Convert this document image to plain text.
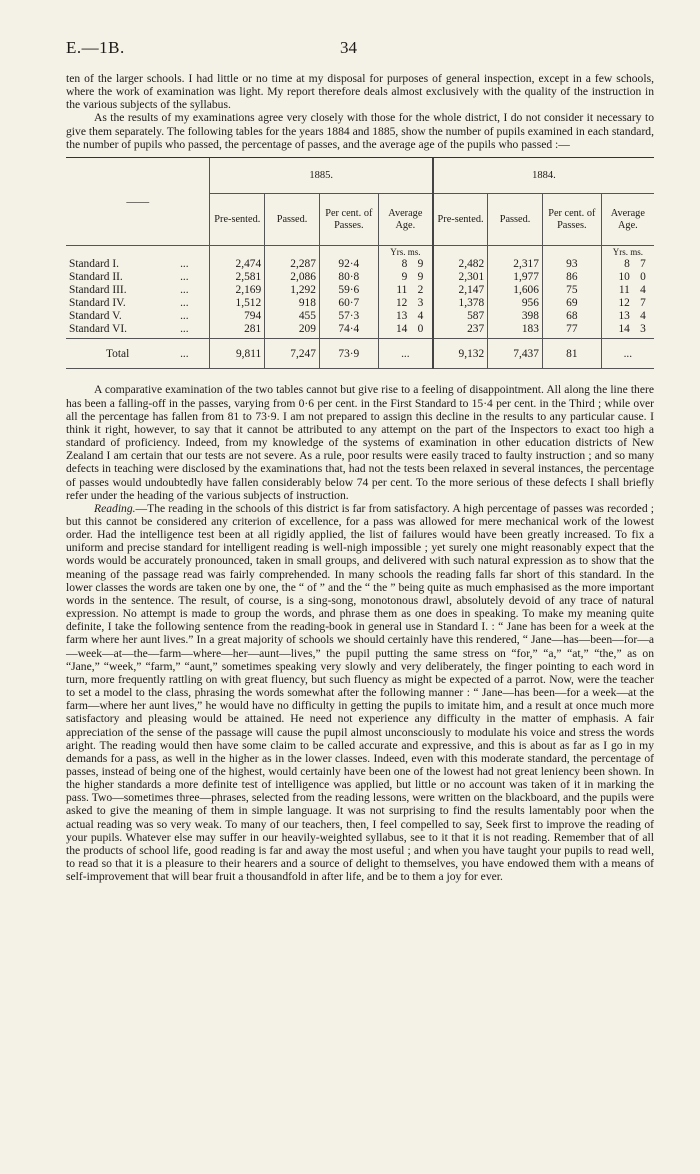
E.—1B.	34

ten of the larger schools. I had little or no time at my disposal for purposes of general inspection, except in a few schools, where the work of examination was light. My report therefore deals almost exclusively with the quality of the instruction in the various subjects of the syllabus.

As the results of my examinations agree very closely with those for the whole district, I do not consider it necessary to give them separately. The following tables for the years 1884 and 1885, show the number of pupils examined in each standard, the number of pupils who passed, the percentage of passes, and the average age of the pupils who passed :—

——		1885.				1884.			
		Pre-sented.	Passed.	Per cent. of Passes.	Average Age.	Pre-sented.	Passed.	Per cent. of Passes.	Average Age.
					Yrs. ms.				Yrs. ms.
Standard I.	...	2,474	2,287	92·4	8 9	2,482	2,317	93	8 7
Standard II.	...	2,581	2,086	80·8	9 9	2,301	1,977	86	10 0
Standard III.	...	2,169	1,292	59·6	11 2	2,147	1,606	75	11 4
Standard IV.	...	1,512	918	60·7	12 3	1,378	956	69	12 7
Standard V.	...	794	455	57·3	13 4	587	398	68	13 4
Standard VI.	...	281	209	74·4	14 0	237	183	77	14 3
Total	...	9,811	7,247	73·9	...	9,132	7,437	81	...

A comparative examination of the two tables cannot but give rise to a feeling of disappointment. All along the line there has been a falling-off in the passes, varying from 0·6 per cent. in the First Standard to 15·4 per cent. in the Third ; while over all the percentage has fallen from 81 to 73·9. I am not prepared to assign this decline in the results to any particular cause. I think it right, however, to say that it cannot be attributed to any attempt on the part of the Inspectors to exact too high a standard of proficiency. Indeed, from my knowledge of the systems of examination in other education districts of New Zealand I am certain that our tests are not severe. As a rule, poor results were easily traced to faulty instruction ; and so many defects in teaching were disclosed by the examinations that, had not the tests been relaxed in several instances, the percentage of passes would undoubtedly have fallen considerably below 74 per cent. To the more serious of these defects I shall briefly refer under the heading of the various subjects of instruction.

Reading.—The reading in the schools of this district is far from satisfactory. A high percentage of passes was recorded ; but this cannot be considered any criterion of excellence, for a pass was allowed for mere mechanical work of the lowest order. Had the intelligence test been at all rigidly applied, the list of failures would have been greatly increased. To fix a uniform and precise standard for intelligent reading is well-nigh impossible ; yet surely one might reasonably expect that the words would be accurately pronounced, taken in small groups, and delivered with such natural expression as to show that the meaning of the passage read was fairly comprehended. In many schools the reading falls far short of this standard. In the lower classes the words are taken one by one, the “ of ” and the “ the ” being quite as much emphasised as the more important words in the sentence. The result, of course, is a sing-song, monotonous drawl, absolutely devoid of any trace of natural expression. No attempt is made to group the words, and phrase them as one does in speaking. To make my meaning quite definite, I take the following sentence from the reading-book in general use in Standard I. : “ Jane has been for a week at the farm where her aunt lives.” In a great majority of schools we should certainly have this rendered, “ Jane—has—been—for—a—week—at—the—farm—where—her—aunt—lives,” the pupil putting the same stress on “for,” “a,” “at,” “the,” as on “Jane,” “week,” “farm,” “aunt,” sometimes speaking very slowly and very deliberately, the finger pointing to each word in turn, more frequently rattling on with great fluency, but such fluency as might be expected of a parrot. Now, were the teacher to set a model to the class, phrasing the words somewhat after the following manner : “ Jane—has been—for a week—at the farm—where her aunt lives,” he would have no difficulty in getting the pupils to imitate him, and a result at once much more satisfactory and pleasing would be attained. He need not experience any difficulty in the matter of emphasis. A fair appreciation of the sense of the passage will cause the pupil almost unconsciously to modulate his voice and stress the words aright. The reading would then have some claim to be called accurate and expressive, and this is about as far as I go in my demands for a pass, as well in the higher as in the lower classes. Indeed, even with this moderate standard, the percentage of passes, instead of being one of the highest, would certainly have been one of the lowest had not great leniency been shown. In the higher standards a more definite test of intelligence was applied, but little or no account was taken of it in marking the pass. Two—sometimes three—phrases, selected from the reading lessons, were written on the blackboard, and the pupils were asked to give the meaning of them in simple language. It was not surprising to find the results lamentably poor when the actual reading was so very weak. To many of our teachers, then, I feel compelled to say, Seek first to improve the reading of your pupils. Whatever else may suffer in our heavily-weighted syllabus, see to it that it is not reading. Remember that of all the products of school life, good reading is far and away the most useful ; and when you have taught your pupils to read well, to read so that it is a pleasure to their hearers and a source of delight to themselves, you have endowed them with a means of self-improvement that will bear fruit a thousandfold in after life, and be to them a joy for ever.
